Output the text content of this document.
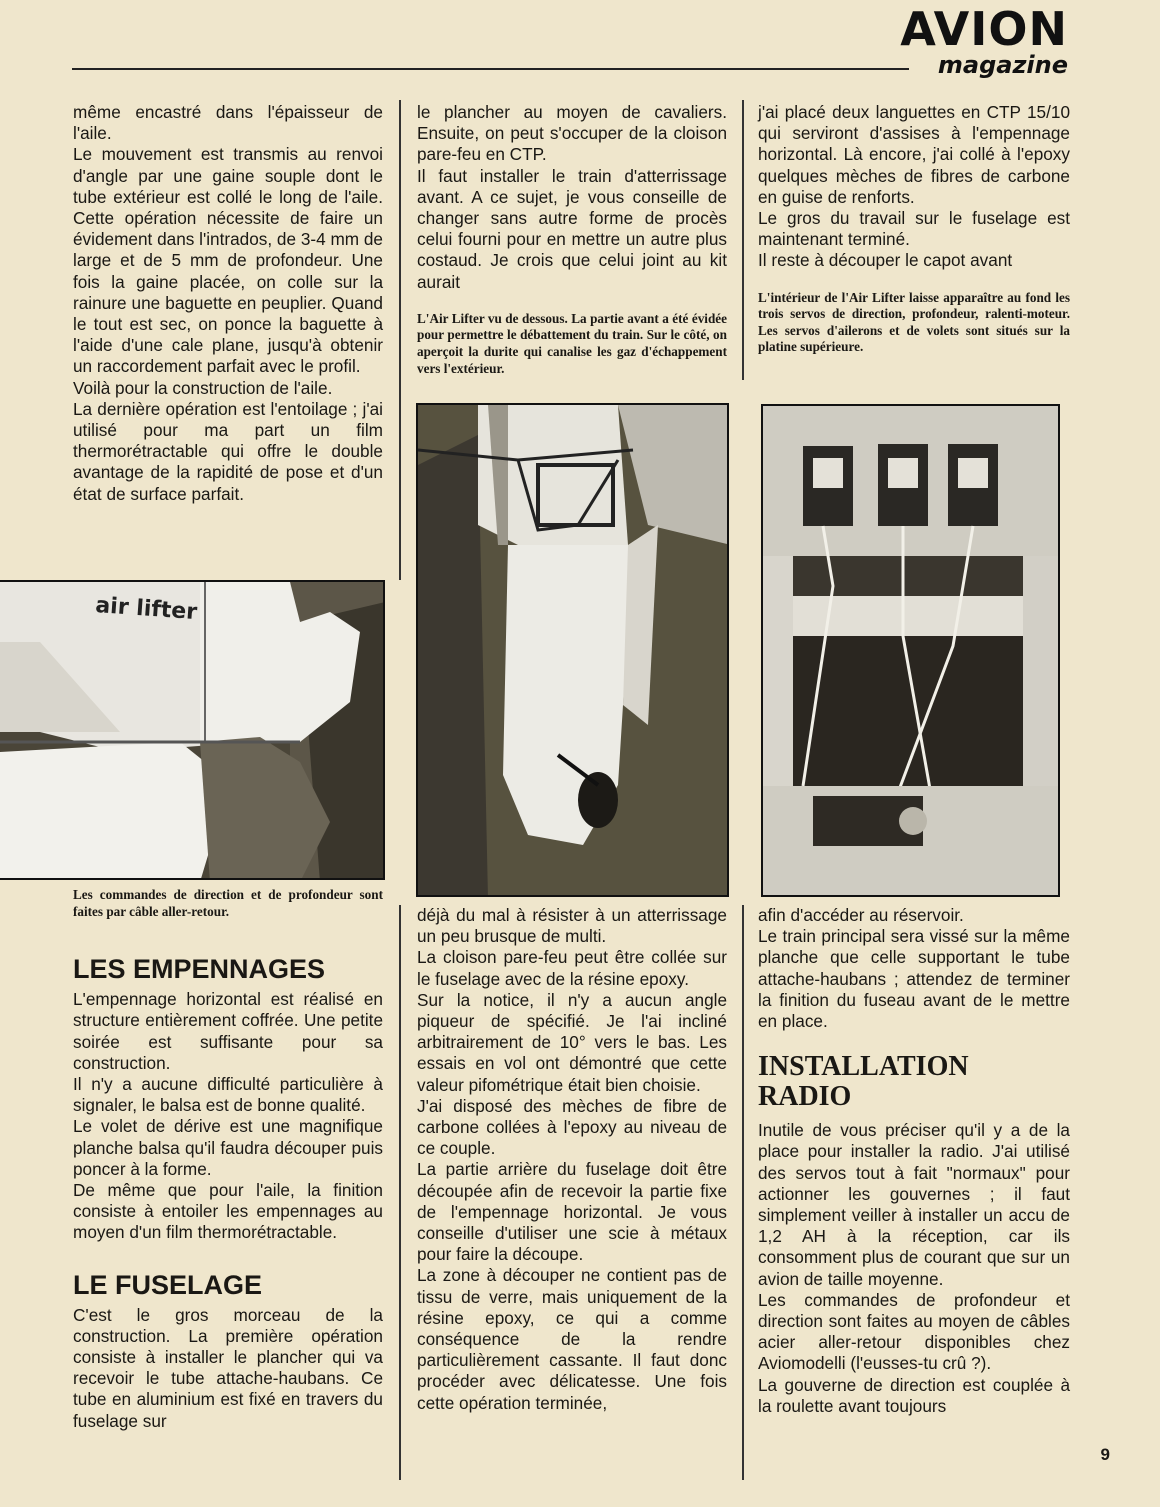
AVION
magazine

même encastré dans l'épaisseur de l'aile.

Le mouvement est transmis au renvoi d'angle par une gaine souple dont le tube extérieur est collé le long de l'aile. Cette opération nécessite de faire un évidement dans l'intrados, de 3-4 mm de large et de 5 mm de profondeur. Une fois la gaine placée, on colle sur la rainure une baguette en peuplier. Quand le tout est sec, on ponce la baguette à l'aide d'une cale plane, jusqu'à obtenir un raccordement parfait avec le profil.

Voilà pour la construction de l'aile.

La dernière opération est l'entoilage ; j'ai utilisé pour ma part un film thermorétractable qui offre le double avantage de la rapidité de pose et d'un état de surface parfait.

air lifter

Les commandes de direction et de profondeur sont faites par câble aller-retour.

LES EMPENNAGES

L'empennage horizontal est réalisé en structure entièrement coffrée. Une petite soirée est suffisante pour sa construction.

Il n'y a aucune difficulté particulière à signaler, le balsa est de bonne qualité.

Le volet de dérive est une magnifique planche balsa qu'il faudra découper puis poncer à la forme.

De même que pour l'aile, la finition consiste à entoiler les empennages au moyen d'un film thermorétractable.

LE FUSELAGE

C'est le gros morceau de la construction. La première opération consiste à installer le plancher qui va recevoir le tube attache-haubans. Ce tube en aluminium est fixé en travers du fuselage sur

le plancher au moyen de cavaliers. Ensuite, on peut s'occuper de la cloison pare-feu en CTP.

Il faut installer le train d'atterrissage avant. A ce sujet, je vous conseille de changer sans autre forme de procès celui fourni pour en mettre un autre plus costaud. Je crois que celui joint au kit aurait

L'Air Lifter vu de dessous. La partie avant a été évidée pour permettre le débattement du train. Sur le côté, on aperçoit la durite qui canalise les gaz d'échappement vers l'extérieur.

déjà du mal à résister à un atterrissage un peu brusque de multi.

La cloison pare-feu peut être collée sur le fuselage avec de la résine epoxy.

Sur la notice, il n'y a aucun angle piqueur de spécifié. Je l'ai incliné arbitrairement de 10° vers le bas. Les essais en vol ont démontré que cette valeur pifométrique était bien choisie.

J'ai disposé des mèches de fibre de carbone collées à l'epoxy au niveau de ce couple.

La partie arrière du fuselage doit être découpée afin de recevoir la partie fixe de l'empennage horizontal. Je vous conseille d'utiliser une scie à métaux pour faire la découpe.

La zone à découper ne contient pas de tissu de verre, mais uniquement de la résine epoxy, ce qui a comme conséquence de la rendre particulièrement cassante. Il faut donc procéder avec délicatesse. Une fois cette opération terminée,

j'ai placé deux languettes en CTP 15/10 qui serviront d'assises à l'empennage horizontal. Là encore, j'ai collé à l'epoxy quelques mèches de fibres de carbone en guise de renforts.

Le gros du travail sur le fuselage est maintenant terminé.

Il reste à découper le capot avant

L'intérieur de l'Air Lifter laisse apparaître au fond les trois servos de direction, profondeur, ralenti-moteur. Les servos d'ailerons et de volets sont situés sur la platine supérieure.

afin d'accéder au réservoir.

Le train principal sera vissé sur la même planche que celle supportant le tube attache-haubans ; attendez de terminer la finition du fuseau avant de le mettre en place.

INSTALLATION RADIO

Inutile de vous préciser qu'il y a de la place pour installer la radio. J'ai utilisé des servos tout à fait "normaux" pour actionner les gouvernes ; il faut simplement veiller à installer un accu de 1,2 AH à la réception, car ils consomment plus de courant que sur un avion de taille moyenne.

Les commandes de profondeur et direction sont faites au moyen de câbles acier aller-retour disponibles chez Aviomodelli (l'eusses-tu crû ?).

La gouverne de direction est couplée à la roulette avant toujours

9
